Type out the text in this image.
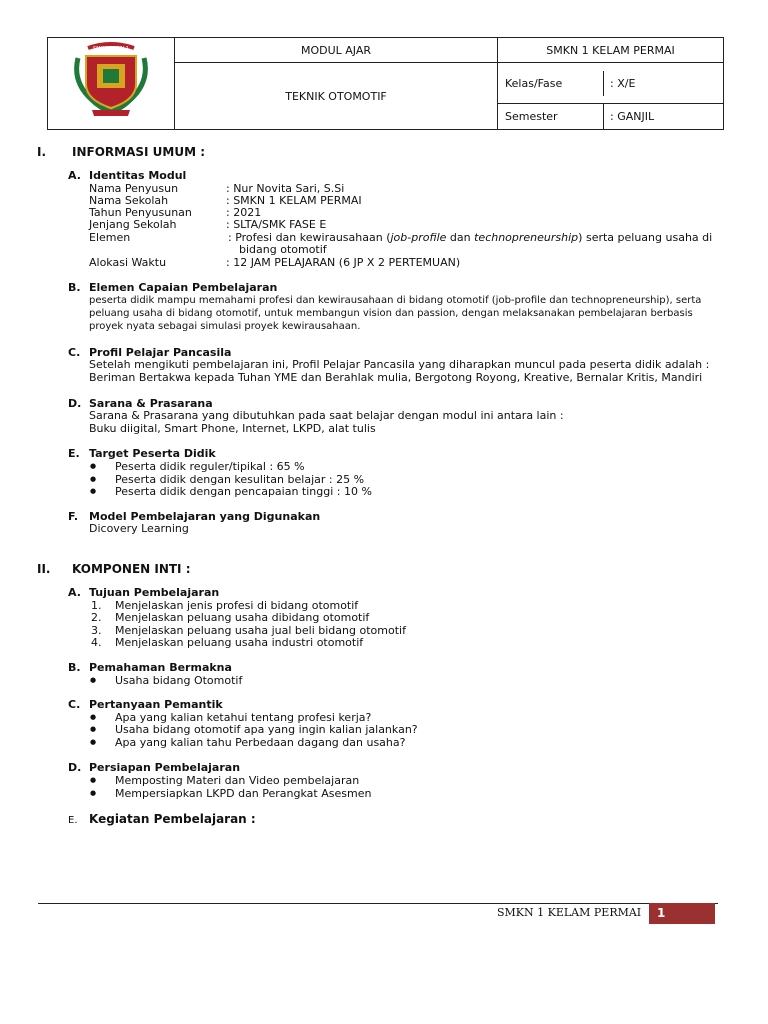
SMK NEGERI 1	MODUL AJAR	SMKN 1 KELAM PERMAI
	TEKNIK OTOMOTIF	Kelas/Fase : X/E

		Semester : GANJIL
I. INFORMASI UMUM :
A. Identitas Modul
Nama Penyusun	: Nur Novita Sari, S.Si
Nama Sekolah	: SMKN 1 KELAM PERMAI
Tahun Penyusunan	: 2021
Jenjang Sekolah	: SLTA/SMK FASE E
Elemen	: Profesi dan kewirausahaan (job-profile dan technopreneurship) serta peluang usaha di
bidang otomotif
Alokasi Waktu	: 12 JAM PELAJARAN (6 JP X 2 PERTEMUAN)
B. Elemen Capaian Pembelajaran
peserta didik mampu memahami profesi dan kewirausahaan di bidang otomotif (job-profile dan technopreneurship), serta
peluang usaha di bidang otomotif, untuk membangun vision dan passion, dengan melaksanakan pembelajaran berbasis
proyek nyata sebagai simulasi proyek kewirausahaan.
C. Profil Pelajar Pancasila
Setelah mengikuti pembelajaran ini, Profil Pelajar Pancasila yang diharapkan muncul pada peserta didik adalah :
Beriman Bertakwa kepada Tuhan YME dan Berahlak mulia, Bergotong Royong, Kreative, Bernalar Kritis, Mandiri
D. Sarana & Prasarana
Sarana & Prasarana yang dibutuhkan pada saat belajar dengan modul ini antara lain :
Buku diigital, Smart Phone, Internet, LKPD, alat tulis
E. Target Peserta Didik
● Peserta didik reguler/tipikal : 65 %
● Peserta didik dengan kesulitan belajar : 25 %
● Peserta didik dengan pencapaian tinggi : 10 %
F. Model Pembelajaran yang Digunakan
Dicovery Learning
II. KOMPONEN INTI :
A. Tujuan Pembelajaran
1. Menjelaskan jenis profesi di bidang otomotif
2. Menjelaskan peluang usaha dibidang otomotif
3. Menjelaskan peluang usaha jual beli bidang otomotif
4. Menjelaskan peluang usaha industri otomotif
B. Pemahaman Bermakna
● Usaha bidang Otomotif
C. Pertanyaan Pemantik
● Apa yang kalian ketahui tentang profesi kerja?
● Usaha bidang otomotif apa yang ingin kalian jalankan?
● Apa yang kalian tahu Perbedaan dagang dan usaha?
D. Persiapan Pembelajaran
● Memposting Materi dan Video pembelajaran
● Mempersiapkan LKPD dan Perangkat Asesmen
E. Kegiatan Pembelajaran :
SMKN 1 KELAM PERMAI 1
